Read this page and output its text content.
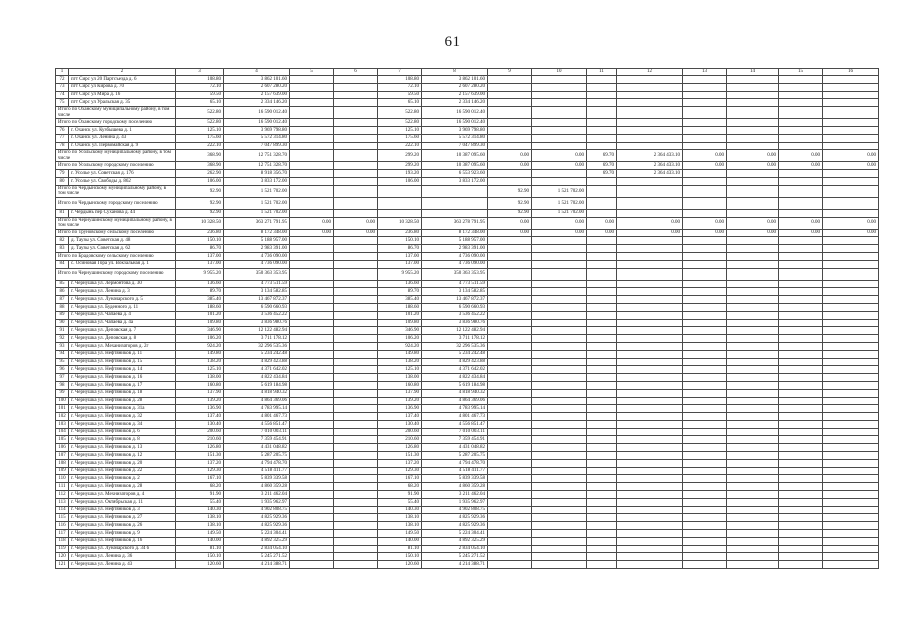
61
1	2	3	4	5	6	7	8	9	10	11	12	13	14	15	16
72	пгт Сирс ул 20 Партсъезда д. 6	108.80	3 862 101.60			108.80	3 862 101.60								
73	пгт Сирс ул Кирова д. 70	72.10	2 607 280.20			72.10	2 607 280.20								
74	пгт Сирс ул Мира д. 16	59.50	2 157 639.00			59.50	2 157 639.00								
75	пгт Сирс ул Уральская д. 35	65.10	2 334 146.20			65.10	2 334 146.20								
Итого по Оханскому муниципальному району, в том числе		522.80	16 590 012.40			522.80	16 590 012.40								
Итого по Оханскому городскому поселению		522.80	16 590 012.40			522.80	16 590 012.40								
76	г. Оханск ул. Кузбышева д. 1	125.10	3 969 798.80			125.10	3 969 798.80								
77	г. Оханск ул. Ленина д. 43	175.60	5 572 314.80			175.60	5 572 314.80								
78	г. Оханск ул. Первомайская д. 9	222.10	7 047 899.30			222.10	7 047 899.30								
Итого по Усольскому муниципальному району, в том числе		368.90	12 751 328.70			299.20	10 387 095.60	0.00	0.00	69.70	2 364 433.10	0.00	0.00	0.00	0.00
Итого по Усольскому городскому поселению		368.90	12 751 328.70			299.20	10 387 095.60	0.00	0.00	69.70	2 364 433.10	0.00	0.00	0.00	0.00
79	г. Усолье ул. Советская д. 176	262.90	8 918 356.70			193.20	6 553 923.60			69.70	2 364 433.10				
80	г. Усолье ул. Свободы д. 862	106.00	3 833 172.00			106.00	3 833 172.00								
Итого по Чердынскому муниципальному району, в том числе		92.90	1 521 702.00					92.90	1 521 702.00						
Итого по Чердынскому городскому поселению		92.90	1 521 702.00					92.90	1 521 702.00						
81	г. Чердынь пер Суханова д. 44	92.90	1 521 702.00					92.90	1 521 702.00						
Итого по Чернушинскому муниципальному району, в том числе		10 328.50	363 271 791.95	0.00	0.00	10 328.50	363 278 791.95	0.00	0.00	0.00	0.00	0.00	0.00	0.00	0.00
Итого по Труновскому сельскому поселению		236.80	8 172 348.00	0.00	0.00	236.80	8 172 348.00	0.00	0.00	0.00	0.00	0.00	0.00	0.00	0.00
82	д. Таузы ул. Советская д. 48	150.10	5 188 957.00			150.10	5 188 957.00								
83	д. Таузы ул. Советская д. 62	86.70	2 983 391.00			86.70	2 983 391.00								
Итого по Брадовскому сельскому поселению		137.00	4 736 090.00			137.00	4 736 090.00								
84	с. Осиновая Гора ул. Вокзальная д. 1	137.00	4 736 090.00			137.00	4 736 090.00								
Итого по Чернушинскому городскому поселению		9 955.20	350 363 353.95			9 955.20	350 363 353.95								
85	г. Чернушка ул. Лермонтова д. 30	136.60	4 773 511.59			136.60	4 773 511.59								
86	г. Чернушка ул. Ленина д. 3	89.70	3 134 582.85			89.70	3 134 582.85								
87	г. Чернушка ул. Луначарского д. 5	385.40	13 467 872.37			385.40	13 467 872.37								
88	г. Чернушка ул. Буденного д. 11	188.60	6 590 660.93			188.60	6 590 660.93								
89	г. Чернушка ул. Чапаева д. 4	101.20	3 536 452.22			101.20	3 536 452.22								
90	г. Чернушка ул. Чапаева д. 4а	109.80	3 836 980.76			109.80	3 836 980.76								
91	г. Чернушка ул. Деповская д. 7	346.90	12 122 482.94			346.90	12 122 482.94								
92	г. Чернушка ул. Деповская д. 8	106.20	3 711 178.12			106.20	3 711 178.12								
93	г. Чернушка ул. Механизаторов д. 2г	924.20	32 296 535.36			924.20	32 296 535.36								
94	г. Чернушка ул. Нефтяников д. 11	149.80	5 234 242.48			149.80	5 234 242.48								
95	г. Чернушка ул. Нефтяников д. 15	138.20	4 829 423.88			138.20	4 829 423.88								
96	г. Чернушка ул. Нефтяников д. 14	125.10	4 371 642.02			125.10	4 371 642.02								
97	г. Чернушка ул. Нефтяников д. 16	138.00	4 822 434.84			138.00	4 822 434.84								
98	г. Чернушка ул. Нефтяников д. 17	160.80	5 619 184.98			160.80	5 619 184.98								
99	г. Чернушка ул. Нефтяников д. 18	137.90	4 818 940.32			137.90	4 818 940.32								
100	г. Чернушка ул. Нефтяников д. 28	139.20	4 864 369.06			139.20	4 864 369.06								
101	г. Чернушка ул. Нефтяников д. 31а	136.90	4 783 995.14			136.90	4 783 995.14								
102	г. Чернушка ул. Нефтяников д. 32	137.40	4 801 467.73			137.40	4 801 467.73								
103	г. Чернушка ул. Нефтяников д. 34	130.40	4 556 851.47			130.40	4 556 851.47								
104	г. Чернушка ул. Нефтяников д. 6	200.60	7 010 003.11			200.60	7 010 003.11								
105	г. Чернушка ул. Нефтяников д. 8	210.60	7 359 454.91			210.60	7 359 454.91								
106	г. Чернушка ул. Нефтяников д. 13	126.80	4 431 048.82			126.80	4 431 048.82								
107	г. Чернушка ул. Нефтяников д. 12	151.30	5 287 205.75			151.30	5 287 205.75								
108	г. Чернушка ул. Нефтяников д. 20	137.20	4 794 478.70			137.20	4 794 478.70								
109	г. Чернушка ул. Нефтяников д. 22	129.30	4 518 411.77			129.30	4 518 411.77								
110	г. Чернушка ул. Нефтяников д. 2	167.10	5 839 339.58			167.10	5 839 339.58								
111	г. Чернушка ул. Нефтяников д. 28	68.20	4 860 359.28			68.20	4 860 359.28								
112	г. Чернушка ул. Мехнизаторов д. 4	91.90	3 211 462.04			91.90	3 211 462.04								
113	г. Чернушка ул. Октябрьская д. 11	55.40	1 935 962.97			55.40	1 935 962.97								
114	г. Чернушка ул. Нефтяников д. 3	140.30	4 902 808.75			140.30	4 902 808.75								
115	г. Чернушка ул. Нефтяников д. 27	138.10	4 825 929.36			138.10	4 825 929.36								
116	г. Чернушка ул. Нефтяников д. 26	138.10	4 825 929.36			138.10	4 825 929.36								
117	г. Чернушка ул. Нефтяников д. 9	149.50	5 224 304.41			149.50	5 224 304.41								
118	г. Чернушка ул. Нефтяников д. 16	140.00	4 892 325.29			140.00	4 892 325.29								
119	г. Чернушка ул. Луначарского д. 34 б	81.10	2 834 054.10			81.10	2 834 054.10								
120	г. Чернушка ул. Ленина д. 36	150.10	5 245 271.52			150.10	5 245 271.52								
121	г. Чернушка ул. Ленина д. 43	120.60	4 214 388.71			120.60	4 214 388.71								
